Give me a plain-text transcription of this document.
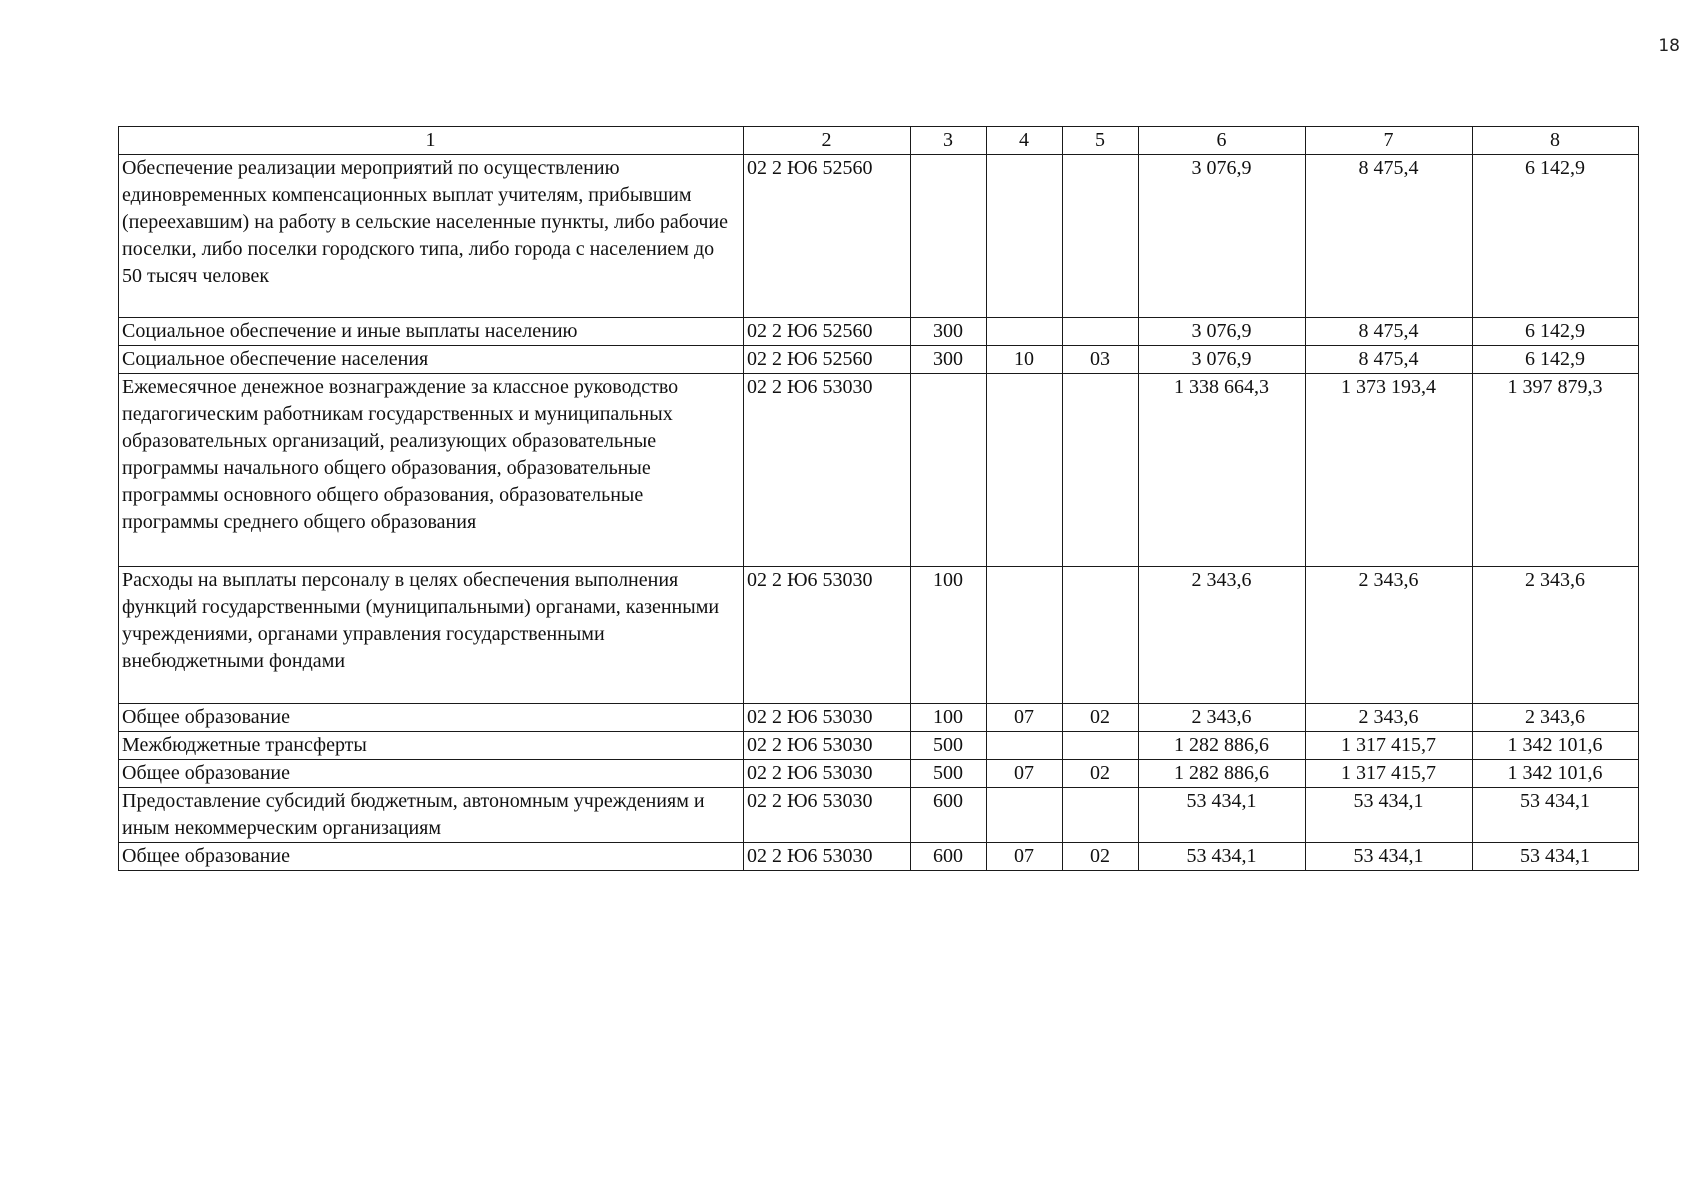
18
1	2	3	4	5	6	7	8
Обеспечение реализации мероприятий по осуществлению единовременных компенсационных выплат учителям, прибывшим (переехавшим) на работу в сельские населенные пункты, либо рабочие поселки, либо поселки городского типа, либо города с населением до 50 тысяч человек	02 2 Ю6 52560				3 076,9	8 475,4	6 142,9
Социальное обеспечение и иные выплаты населению	02 2 Ю6 52560	300			3 076,9	8 475,4	6 142,9
Социальное обеспечение населения	02 2 Ю6 52560	300	10	03	3 076,9	8 475,4	6 142,9
Ежемесячное денежное вознаграждение за классное руководство педагогическим работникам государственных и муниципальных образовательных организаций, реализующих образовательные программы начального общего образования, образовательные программы основного общего образования, образовательные программы среднего общего образования	02 2 Ю6 53030				1 338 664,3	1 373 193,4	1 397 879,3
Расходы на выплаты персоналу в целях обеспечения выполнения функций государственными (муниципальными) органами, казенными учреждениями, органами управления государственными внебюджетными фондами	02 2 Ю6 53030	100			2 343,6	2 343,6	2 343,6
Общее образование	02 2 Ю6 53030	100	07	02	2 343,6	2 343,6	2 343,6
Межбюджетные трансферты	02 2 Ю6 53030	500			1 282 886,6	1 317 415,7	1 342 101,6
Общее образование	02 2 Ю6 53030	500	07	02	1 282 886,6	1 317 415,7	1 342 101,6
Предоставление субсидий бюджетным, автономным учреждениям и иным некоммерческим организациям	02 2 Ю6 53030	600			53 434,1	53 434,1	53 434,1
Общее образование	02 2 Ю6 53030	600	07	02	53 434,1	53 434,1	53 434,1
